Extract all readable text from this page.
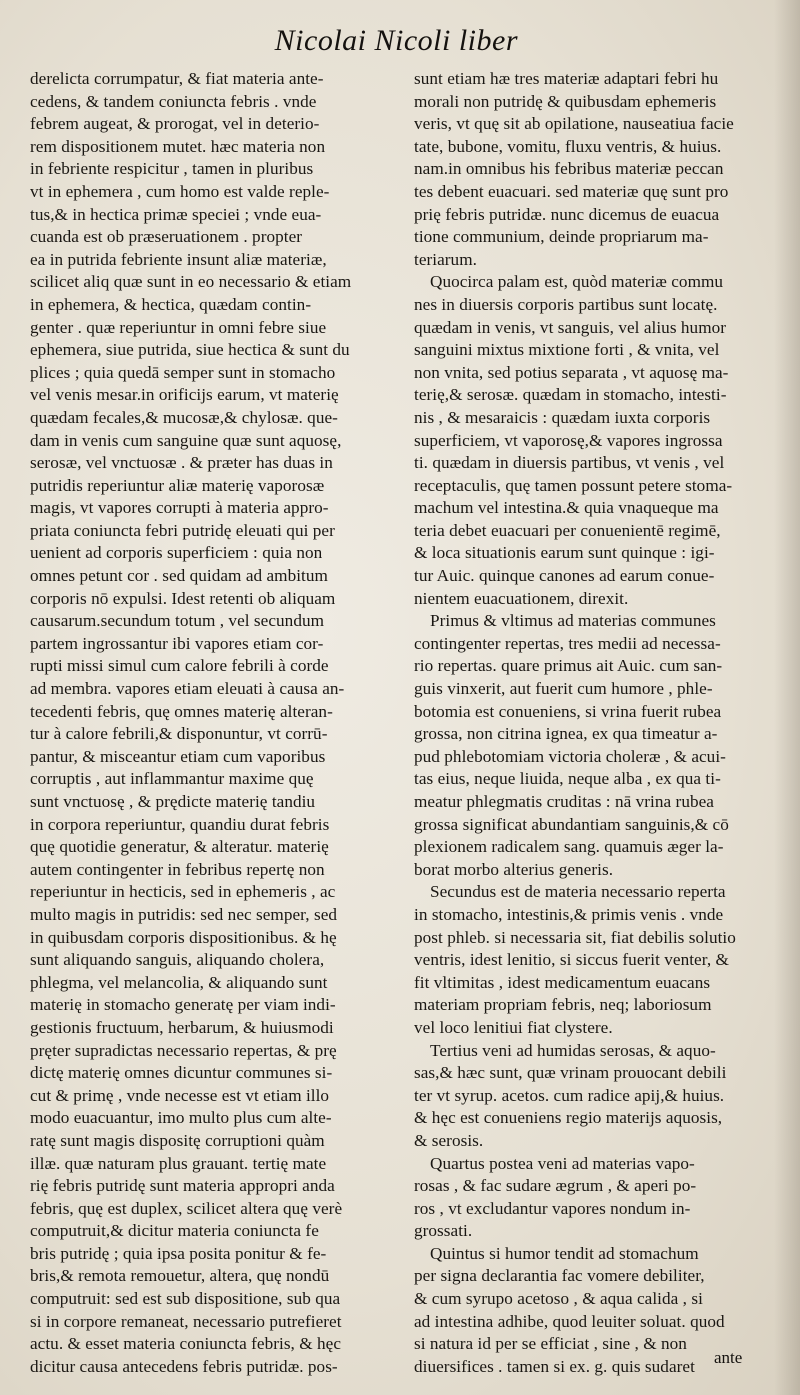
Nicolai Nicoli liber
derelicta corrumpatur, & fiat materia ante-
cedens, & tandem coniuncta febris . vnde
febrem augeat, & prorogat, vel in deterio-
rem dispositionem mutet. hæc materia non
in febriente respicitur , tamen in pluribus
vt in ephemera , cum homo est valde reple-
tus,& in hectica primæ speciei ; vnde eua-
cuanda est ob præseruationem . propter
ea in putrida febriente insunt aliæ materiæ,
scilicet aliq quæ sunt in eo necessario & etiam
in ephemera, & hectica, quædam contin-
genter . quæ reperiuntur in omni febre siue
ephemera, siue putrida, siue hectica & sunt du
plices ; quia quedā semper sunt in stomacho
vel venis mesar.in orificijs earum, vt materię
quædam fecales,& mucosæ,& chylosæ. que-
dam in venis cum sanguine quæ sunt aquosę,
serosæ, vel vnctuosæ . & præter has duas in
putridis reperiuntur aliæ materię vaporosæ
magis, vt vapores corrupti à materia appro-
priata coniuncta febri putridę eleuati qui per
uenient ad corporis superficiem : quia non
omnes petunt cor . sed quidam ad ambitum
corporis nō expulsi. Idest retenti ob aliquam
causarum.secundum totum , vel secundum
partem ingrossantur ibi vapores etiam cor-
rupti missi simul cum calore febrili à corde
ad membra. vapores etiam eleuati à causa an-
tecedenti febris, quę omnes materię alteran-
tur à calore febrili,& disponuntur, vt corrū-
pantur, & misceantur etiam cum vaporibus
corruptis , aut inflammantur maxime quę
sunt vnctuosę , & prędicte materię tandiu
in corpora reperiuntur, quandiu durat febris
quę quotidie generatur, & alteratur. materię
autem contingenter in febribus repertę non
reperiuntur in hecticis, sed in ephemeris , ac
multo magis in putridis: sed nec semper, sed
in quibusdam corporis dispositionibus. & hę
sunt aliquando sanguis, aliquando cholera,
phlegma, vel melancolia, & aliquando sunt
materię in stomacho generatę per viam indi-
gestionis fructuum, herbarum, & huiusmodi
pręter supradictas necessario repertas, & prę
dictę materię omnes dicuntur communes si-
cut & primę , vnde necesse est vt etiam illo
modo euacuantur, imo multo plus cum alte-
ratę sunt magis dispositę corruptioni quàm
illæ. quæ naturam plus grauant. tertię mate
rię febris putridę sunt materia appropri anda
febris, quę est duplex, scilicet altera quę verè
computruit,& dicitur materia coniuncta fe
bris putridę ; quia ipsa posita ponitur & fe-
bris,& remota remouetur, altera, quę nondū
computruit: sed est sub dispositione, sub qua
si in corpore remaneat, necessario putrefieret
actu. & esset materia coniuncta febris, & hęc
dicitur causa antecedens febris putridæ. pos-
sunt etiam hæ tres materiæ adaptari febri hu
morali non putridę & quibusdam ephemeris
veris, vt quę sit ab opilatione, nauseatiua facie
tate, bubone, vomitu, fluxu ventris, & huius.
nam.in omnibus his febribus materiæ peccan
tes debent euacuari. sed materiæ quę sunt pro
prię febris putridæ. nunc dicemus de euacua
tione communium, deinde propriarum ma-
teriarum.
Quocirca palam est, quòd materiæ commu
nes in diuersis corporis partibus sunt locatę.
quædam in venis, vt sanguis, vel alius humor
sanguini mixtus mixtione forti , & vnita, vel
non vnita, sed potius separata , vt aquosę ma-
terię,& serosæ. quædam in stomacho, intesti-
nis , & mesaraicis : quædam iuxta corporis
superficiem, vt vaporosę,& vapores ingrossa
ti. quædam in diuersis partibus, vt venis , vel
receptaculis, quę tamen possunt petere stoma-
machum vel intestina.& quia vnaqueque ma
teria debet euacuari per conuenientē regimē,
& loca situationis earum sunt quinque : igi-
tur Auic. quinque canones ad earum conue-
nientem euacuationem, direxit.
Primus & vltimus ad materias communes
contingenter repertas, tres medii ad necessa-
rio repertas. quare primus ait Auic. cum san-
guis vinxerit, aut fuerit cum humore , phle-
botomia est conueniens, si vrina fuerit rubea
grossa, non citrina ignea, ex qua timeatur a-
pud phlebotomiam victoria choleræ , & acui-
tas eius, neque liuida, neque alba , ex qua ti-
meatur phlegmatis cruditas : nā vrina rubea
grossa significat abundantiam sanguinis,& cō
plexionem radicalem sang. quamuis æger la-
borat morbo alterius generis.
Secundus est de materia necessario reperta
in stomacho, intestinis,& primis venis . vnde
post phleb. si necessaria sit, fiat debilis solutio
ventris, idest lenitio, si siccus fuerit venter, &
fit vltimitas , idest medicamentum euacans
materiam propriam febris, neq; laboriosum
vel loco lenitiui fiat clystere.
Tertius veni ad humidas serosas, & aquo-
sas,& hæc sunt, quæ vrinam prouocant debili
ter vt syrup. acetos. cum radice apij,& huius.
& hęc est conueniens regio materijs aquosis,
& serosis.
Quartus postea veni ad materias vapo-
rosas , & fac sudare ægrum , & aperi po-
ros , vt excludantur vapores nondum in-
grossati.
Quintus si humor tendit ad stomachum
per signa declarantia fac vomere debiliter,
& cum syrupo acetoso , & aqua calida , si
ad intestina adhibe, quod leuiter soluat. quod
si natura id per se efficiat , sine , & non
diuersifices . tamen si ex. g. quis sudaret	ante
